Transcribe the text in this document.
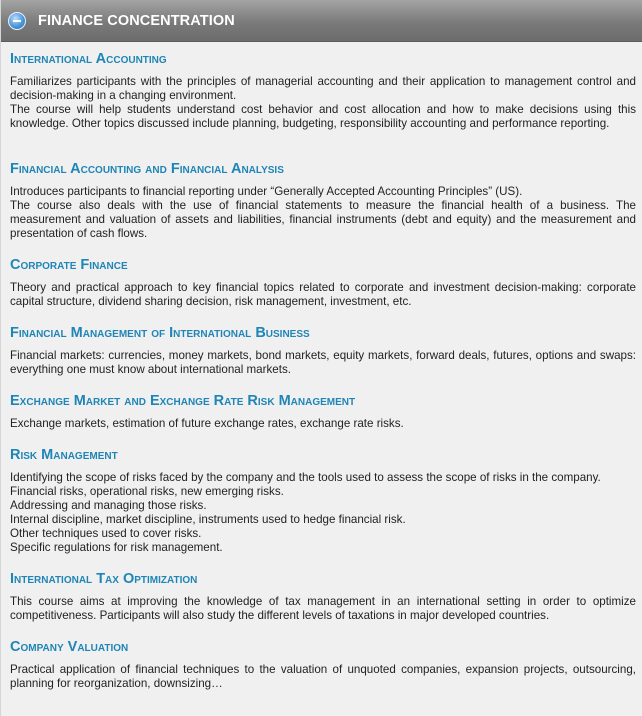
FINANCE CONCENTRATION
International Accounting
Familiarizes participants with the principles of managerial accounting and their application to management control and decision-making in a changing environment.
The course will help students understand cost behavior and cost allocation and how to make decisions using this knowledge. Other topics discussed include planning, budgeting, responsibility accounting and performance reporting.
Financial Accounting and Financial Analysis
Introduces participants to financial reporting under “Generally Accepted Accounting Principles” (US).
The course also deals with the use of financial statements to measure the financial health of a business. The measurement and valuation of assets and liabilities, financial instruments (debt and equity) and the measurement and presentation of cash flows.
Corporate Finance
Theory and practical approach to key financial topics related to corporate and investment decision-making: corporate capital structure, dividend sharing decision, risk management, investment, etc.
Financial Management of International Business
Financial markets: currencies, money markets, bond markets, equity markets, forward deals, futures, options and swaps: everything one must know about international markets.
Exchange Market and Exchange Rate Risk Management
Exchange markets, estimation of future exchange rates, exchange rate risks.
Risk Management
Identifying the scope of risks faced by the company and the tools used to assess the scope of risks in the company.
Financial risks, operational risks, new emerging risks.
Addressing and managing those risks.
Internal discipline, market discipline, instruments used to hedge financial risk.
Other techniques used to cover risks.
Specific regulations for risk management.
International Tax Optimization
This course aims at improving the knowledge of tax management in an international setting in order to optimize competitiveness. Participants will also study the different levels of taxations in major developed countries.
Company Valuation
Practical application of financial techniques to the valuation of unquoted companies, expansion projects, outsourcing, planning for reorganization, downsizing…
